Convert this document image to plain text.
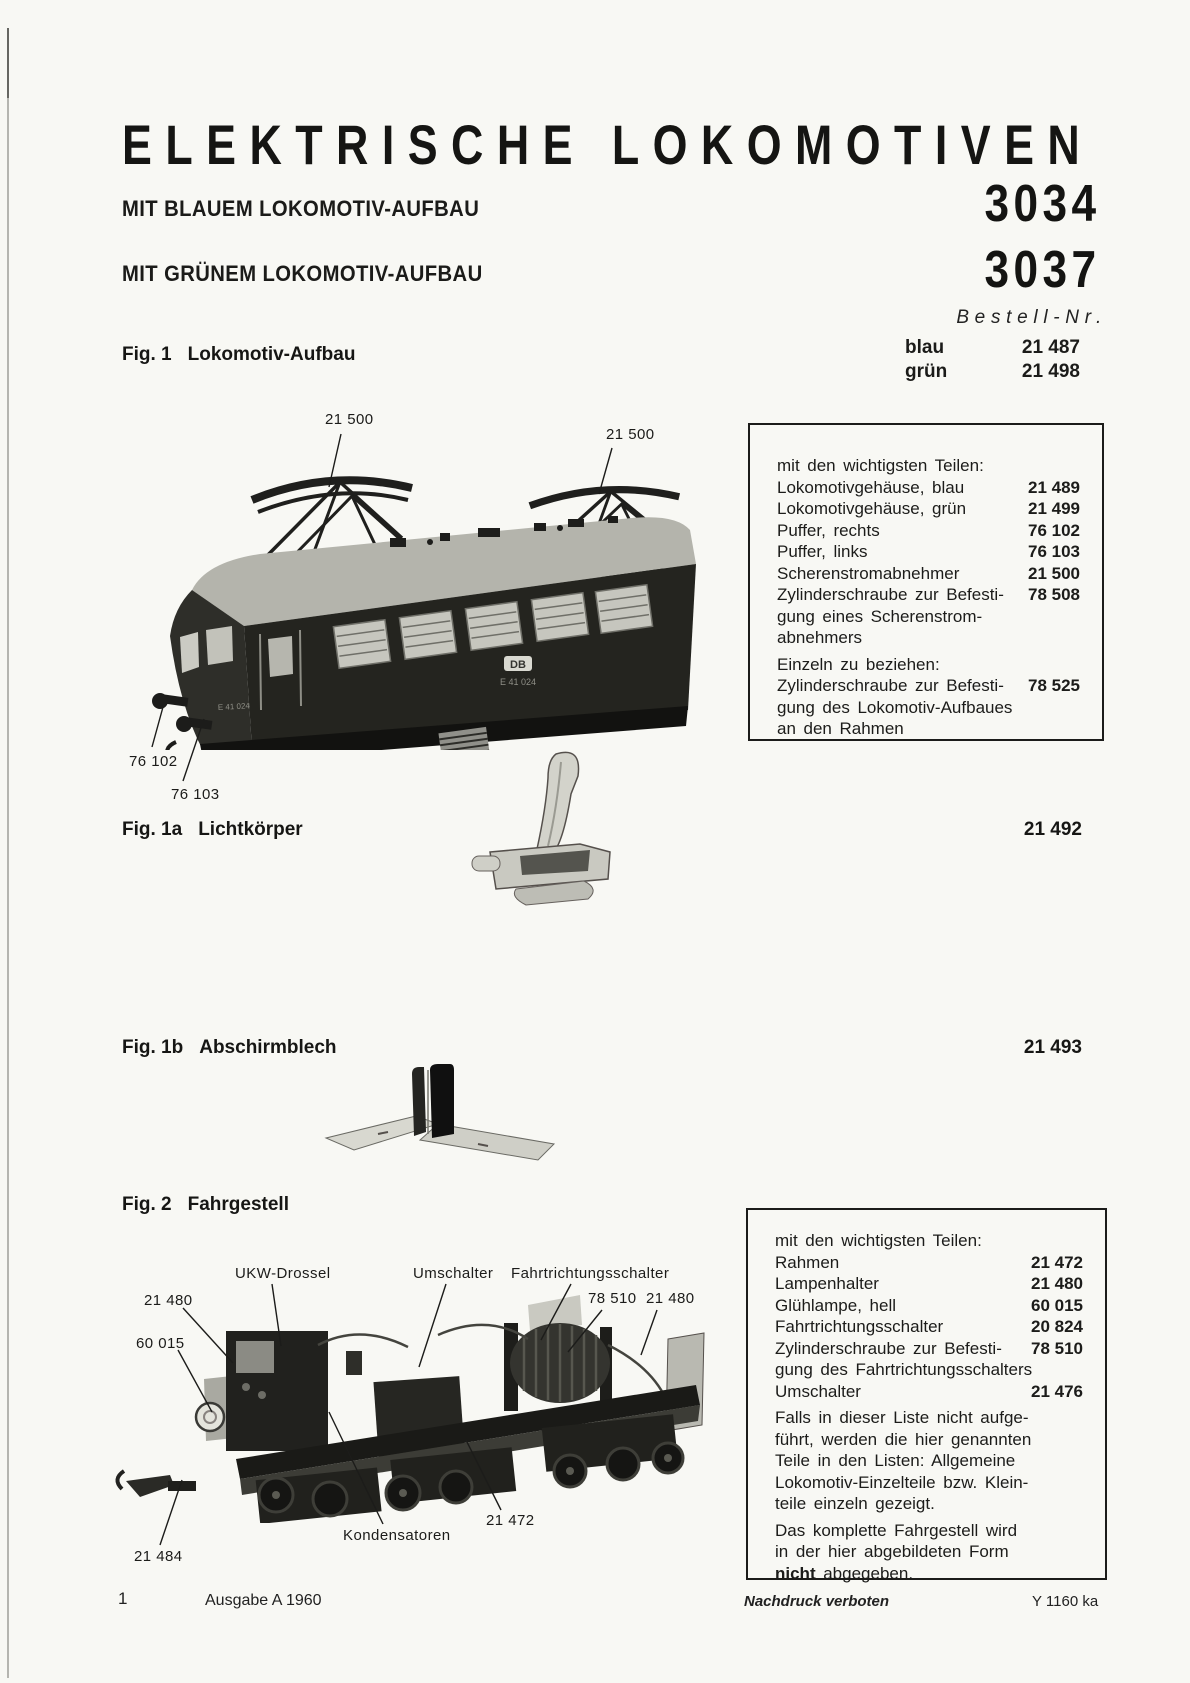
ELEKTRISCHE LOKOMOTIVEN
MIT BLAUEM LOKOMOTIV-AUFBAU
MIT GRÜNEM LOKOMOTIV-AUFBAU
3034
3037
Bestell-Nr.
blau	21 487
grün	21 498
Fig. 1 Lokomotiv-Aufbau
21 500
21 500
76 102
76 103
DB
E 41 024
E 41 024
Fig. 1a Lichtkörper	21 492
Fig. 1b Abschirmblech	21 493
Fig. 2 Fahrgestell
21 480
60 015
UKW-Drossel	Umschalter Fahrtrichtungsschalter
78 510 21 480
21 484
Kondensatoren
21 472
mit den wichtigsten Teilen:
Lokomotivgehäuse, blau	21 489
Lokomotivgehäuse, grün	21 499
Puffer, rechts	76 102
Puffer, links	76 103
Scherenstromabnehmer	21 500
Zylinderschraube zur Befesti- 78 508
gung eines Scherenstrom-
abnehmers
Einzeln zu beziehen:
Zylinderschraube zur Befesti- 78 525
gung des Lokomotiv-Aufbaues
an den Rahmen
mit den wichtigsten Teilen:
Rahmen	21 472
Lampenhalter	21 480
Glühlampe, hell	60 015
Fahrtrichtungsschalter	20 824
Zylinderschraube zur Befesti- 78 510
gung des Fahrtrichtungsschalters
Umschalter	21 476
Falls in dieser Liste nicht aufge-
führt, werden die hier genannten
Teile in den Listen: Allgemeine
Lokomotiv-Einzelteile bzw. Klein-
teile einzeln gezeigt.
Das komplette Fahrgestell wird
in der hier abgebildeten Form
nicht abgegeben.
1	Ausgabe A 1960	Nachdruck verboten	Y 1160 ka
